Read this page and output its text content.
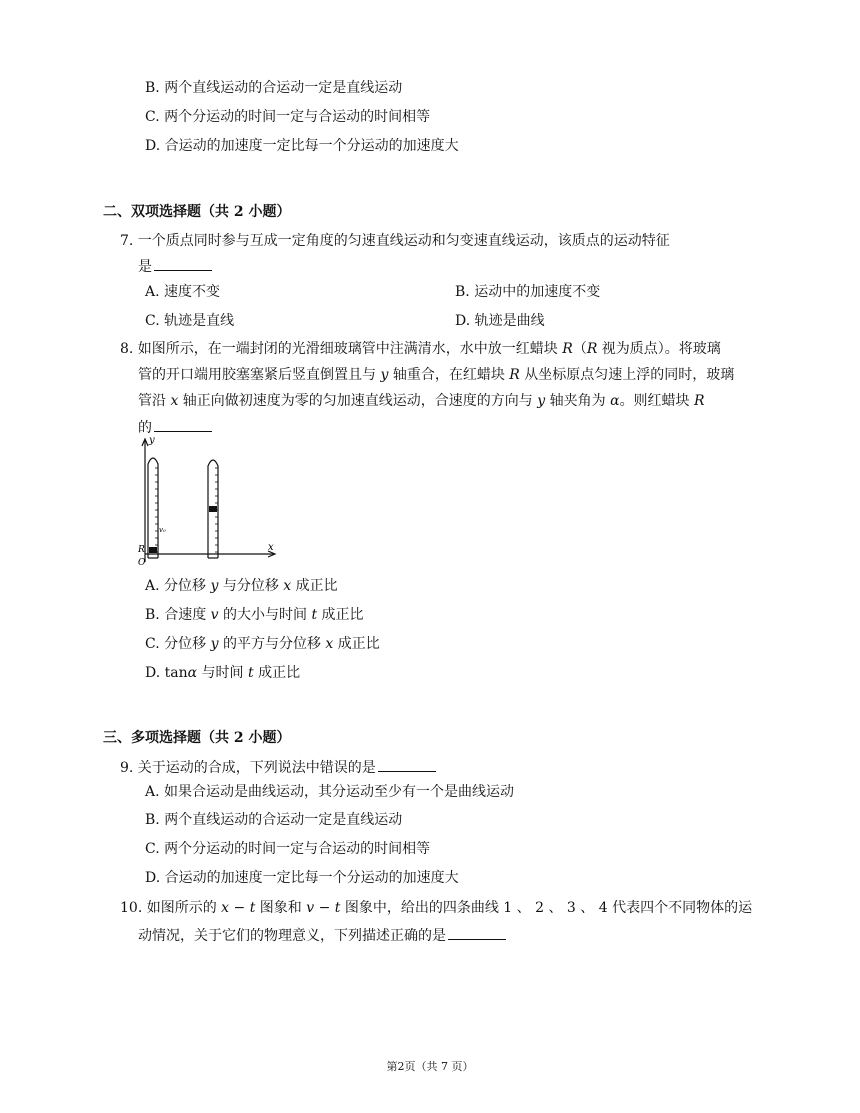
B. 两个直线运动的合运动一定是直线运动
C. 两个分运动的时间一定与合运动的时间相等
D. 合运动的加速度一定比每一个分运动的加速度大
二、双项选择题（共 2 小题）
7. 一个质点同时参与互成一定角度的匀速直线运动和匀变速直线运动，该质点的运动特征
是
A. 速度不变	B. 运动中的加速度不变
C. 轨迹是直线	D. 轨迹是曲线
8. 如图所示，在一端封闭的光滑细玻璃管中注满清水，水中放一红蜡块 R（R 视为质点）。将玻璃
管的开口端用胶塞塞紧后竖直倒置且与 y 轴重合，在红蜡块 R 从坐标原点匀速上浮的同时，玻璃
管沿 x 轴正向做初速度为零的匀加速直线运动，合速度的方向与 y 轴夹角为 α。则红蜡块 R
的
y
x
R
O
v₀
A. 分位移 y 与分位移 x 成正比
B. 合速度 v 的大小与时间 t 成正比
C. 分位移 y 的平方与分位移 x 成正比
D. tanα 与时间 t 成正比
三、多项选择题（共 2 小题）
9. 关于运动的合成，下列说法中错误的是
A. 如果合运动是曲线运动，其分运动至少有一个是曲线运动
B. 两个直线运动的合运动一定是直线运动
C. 两个分运动的时间一定与合运动的时间相等
D. 合运动的加速度一定比每一个分运动的加速度大
10. 如图所示的 x − t 图象和 v − t 图象中，给出的四条曲线 1 、 2 、 3 、 4 代表四个不同物体的运
动情况，关于它们的物理意义，下列描述正确的是
第2页（共 7 页）
